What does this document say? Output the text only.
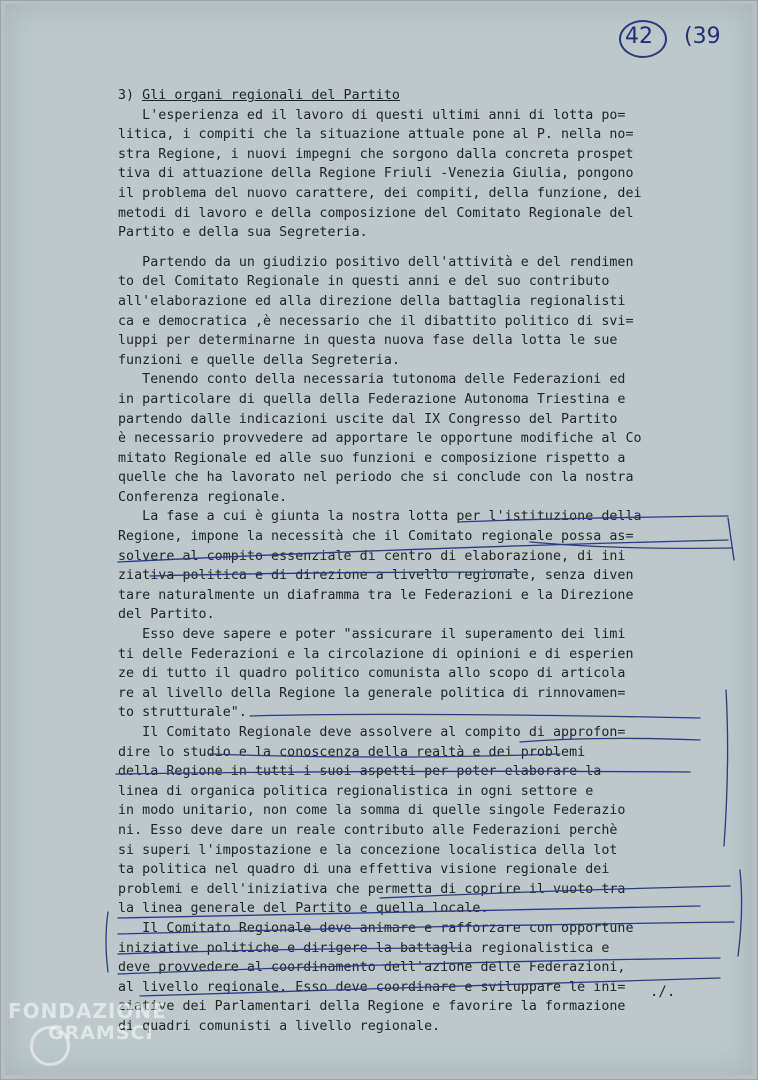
42 (39

3) Gli organi regionali del Partito

L'esperienza ed il lavoro di questi ultimi anni di lotta po=

litica, i compiti che la situazione attuale pone al P. nella no=

stra Regione, i nuovi impegni che sorgono dalla concreta prospet

tiva di attuazione della Regione Friuli -Venezia Giulia, pongono

il problema del nuovo carattere, dei compiti, della funzione, dei

metodi di lavoro e della composizione del Comitato Regionale del

Partito e della sua Segreteria.

Partendo da un giudizio positivo dell'attività e del rendimen

to del Comitato Regionale in questi anni e del suo contributo

all'elaborazione ed alla direzione della battaglia regionalisti

ca e democratica ,è necessario che il dibattito politico di svi=

luppi per determinarne in questa nuova fase della lotta le sue

funzioni e quelle della Segreteria.

Tenendo conto della necessaria tutonoma delle Federazioni ed

in particolare di quella della Federazione Autonoma Triestina e

partendo dalle indicazioni uscite dal IX Congresso del Partito

è necessario provvedere ad apportare le opportune modifiche al Co

mitato Regionale ed alle suo funzioni e composizione rispetto a

quelle che ha lavorato nel periodo che si conclude con la nostra

Conferenza regionale.

La fase a cui è giunta la nostra lotta per l'istituzione della

Regione, impone la necessità che il Comitato regionale possa as=

solvere al compito essenziale di centro di elaborazione, di ini

ziativa politica e di direzione a livello regionale, senza diven

tare naturalmente un diaframma tra le Federazioni e la Direzione

del Partito.

Esso deve sapere e poter "assicurare il superamento dei limi

ti delle Federazioni e la circolazione di opinioni e di esperien

ze di tutto il quadro politico comunista allo scopo di articola

re al livello della Regione la generale politica di rinnovamen=

to strutturale".

Il Comitato Regionale deve assolvere al compito di approfon=

dire lo studio e la conoscenza della realtà e dei problemi

della Regione in tutti i suoi aspetti per poter elaborare la

linea di organica politica regionalistica in ogni settore e

in modo unitario, non come la somma di quelle singole Federazio

ni. Esso deve dare un reale contributo alle Federazioni perchè

si superi l'impostazione e la concezione localistica della lot

ta politica nel quadro di una effettiva visione regionale dei

problemi e dell'iniziativa che permetta di coprire il vuoto tra

la linea generale del Partito e quella locale.

Il Comitato Regionale deve animare e rafforzare con opportune

iniziative politiche e dirigere la battaglia regionalistica e

deve provvedere al coordinamento dell'azione delle Federazioni,

al livello regionale. Esso deve coordinare e sviluppare le ini=

ziative dei Parlamentari della Regione e favorire la formazione

di quadri comunisti a livello regionale.

./.
FONDAZIONE
GRAMSCI
